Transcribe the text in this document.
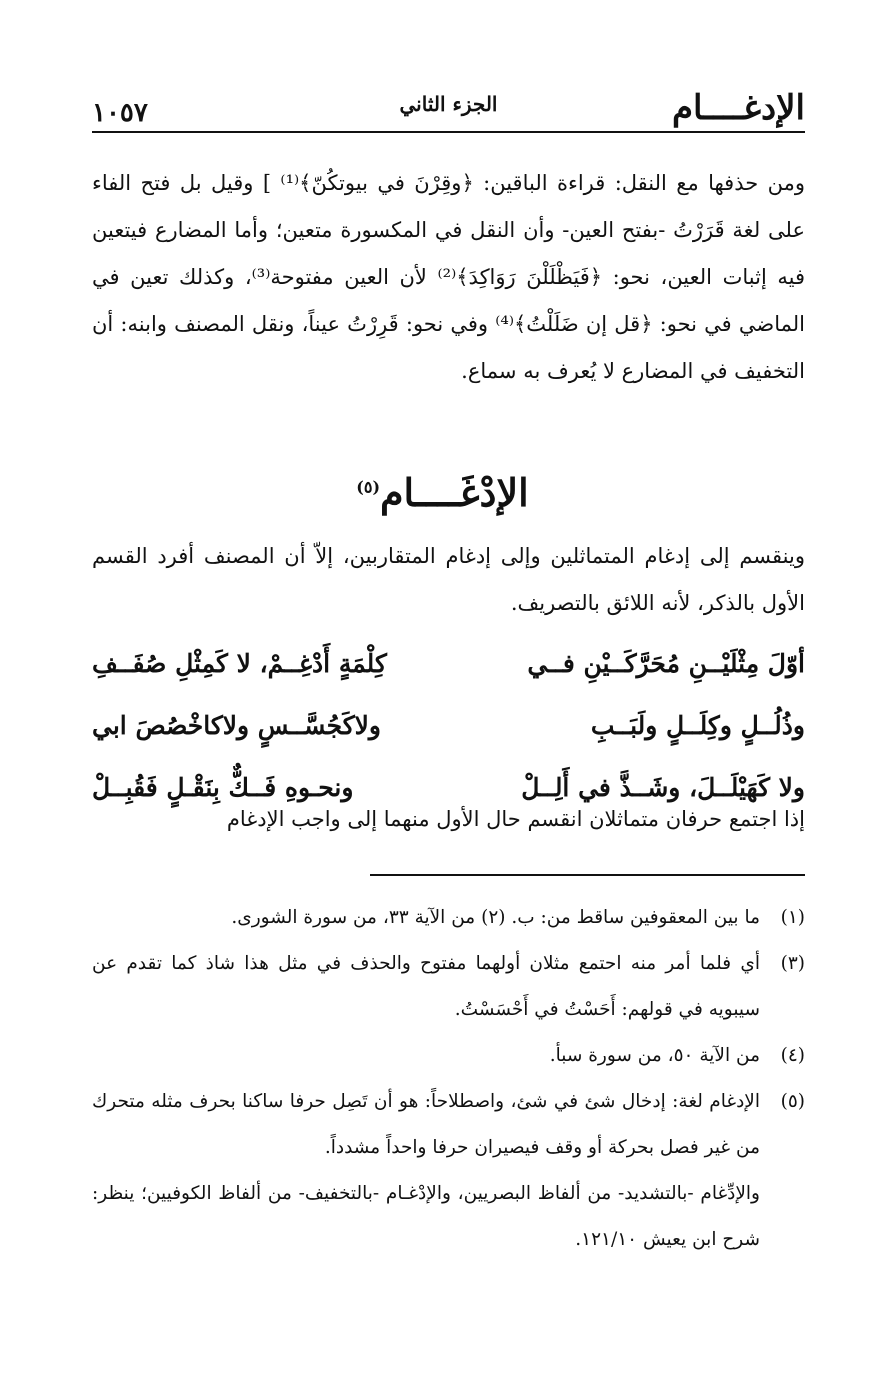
الإدغــــام
الجزء الثاني
١٠٥٧
ومن حذفها مع النقل: قراءة الباقين: ﴿وقِرْنَ في بيوتكُنّ﴾⁽¹⁾ ] وقيل بل فتح الفاء على لغة قَرَرْتُ -بفتح العين- وأن النقل في المكسورة متعين؛ وأما المضارع فيتعين فيه إثبات العين، نحو: ﴿فَيَظْلَلْنَ رَوَاكِدَ﴾⁽²⁾ لأن العين مفتوحة⁽³⁾، وكذلك تعين في الماضي في نحو: ﴿قل إن ضَلَلْتُ﴾⁽⁴⁾ وفي نحو: قَرِرْتُ عيناً، ونقل المصنف وابنه: أن التخفيف في المضارع لا يُعرف به سماع.
الإدْغَــــام$^{(٥)}$
وينقسم إلى إدغام المتماثلين وإلى إدغام المتقاربين، إلاّ أن المصنف أفرد القسم الأول بالذكر، لأنه اللائق بالتصريف.
أوّلَ مِثْلَيْــنِ مُحَرَّكَــيْنِ فــي
كِلْمَةٍ أَدْغِــمْ، لا كَمِثْلِ صُفَــفِ
وذُلُــلٍ وكِلَــلٍ ولَبَــبِ
ولاكَجُسَّــسٍ ولاكاخْصُصَ ابي
ولا كَهَيْلَــلَ، وشَــذَّ في أَلِــلْ
ونحـوهِ فَــكٌّ بِنَقْـلٍ فَقُبِــلْ
إذا اجتمع حرفان متماثلان انقسم حال الأول منهما إلى واجب الإدغام
(١)
ما بين المعقوفين ساقط من: ب. (٢) من الآية ٣٣، من سورة الشورى.
(٣)
أي فلما أمر منه احتمع مثلان أولهما مفتوح والحذف في مثل هذا شاذ كما تقدم عن سيبويه في قولهم: أَحَسْتُ في أَحْسَسْتُ.
(٤)
من الآية ٥٠، من سورة سبأ.
(٥)
الإدغام لغة: إدخال شئ في شئ، واصطلاحاً: هو أن تَصِل حرفا ساكنا بحرف مثله متحرك من غير فصل بحركة أو وقف فيصيران حرفا واحداً مشدداً.
والإدِّغام -بالتشديد- من ألفاظ البصريين، والإدْغـام -بالتخفيف- من ألفاظ الكوفيين؛ ينظر: شرح ابن يعيش ١٢١/١٠.
